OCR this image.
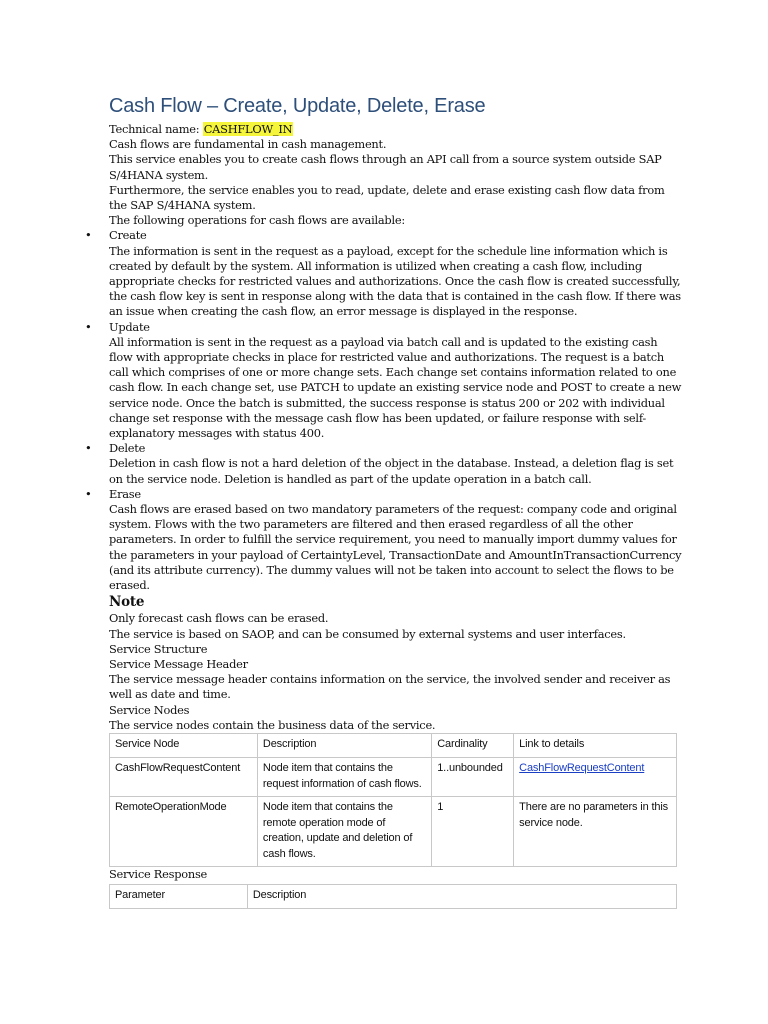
Cash Flow – Create, Update, Delete, Erase

Technical name: CASHFLOW_IN

Cash flows are fundamental in cash management.

This service enables you to create cash flows through an API call from a source system outside SAP S/4HANA system.

Furthermore, the service enables you to read, update, delete and erase existing cash flow data from the SAP S/4HANA system.

The following operations for cash flows are available:

• Create

The information is sent in the request as a payload, except for the schedule line information which is created by default by the system. All information is utilized when creating a cash flow, including appropriate checks for restricted values and authorizations. Once the cash flow is created successfully, the cash flow key is sent in response along with the data that is contained in the cash flow. If there was an issue when creating the cash flow, an error message is displayed in the response.

• Update

All information is sent in the request as a payload via batch call and is updated to the existing cash flow with appropriate checks in place for restricted value and authorizations. The request is a batch call which comprises of one or more change sets. Each change set contains information related to one cash flow. In each change set, use PATCH to update an existing service node and POST to create a new service node. Once the batch is submitted, the success response is status 200 or 202 with individual change set response with the message cash flow has been updated, or failure response with self-explanatory messages with status 400.

• Delete

Deletion in cash flow is not a hard deletion of the object in the database. Instead, a deletion flag is set on the service node. Deletion is handled as part of the update operation in a batch call.

• Erase

Cash flows are erased based on two mandatory parameters of the request: company code and original system. Flows with the two parameters are filtered and then erased regardless of all the other parameters. In order to fulfill the service requirement, you need to manually import dummy values for the parameters in your payload of CertaintyLevel, TransactionDate and AmountInTransactionCurrency (and its attribute currency). The dummy values will not be taken into account to select the flows to be erased.

Note

Only forecast cash flows can be erased.

The service is based on SAOP, and can be consumed by external systems and user interfaces.

Service Structure

Service Message Header

The service message header contains information on the service, the involved sender and receiver as well as date and time.

Service Nodes

The service nodes contain the business data of the service.

Service Node	Description	Cardinality	Link to details
CashFlowRequestContent	Node item that contains the request information of cash flows.	1..unbounded	CashFlowRequestContent
RemoteOperationMode	Node item that contains the remote operation mode of creation, update and deletion of cash flows.	1	There are no parameters in this service node.

Service Response

Parameter	Description
